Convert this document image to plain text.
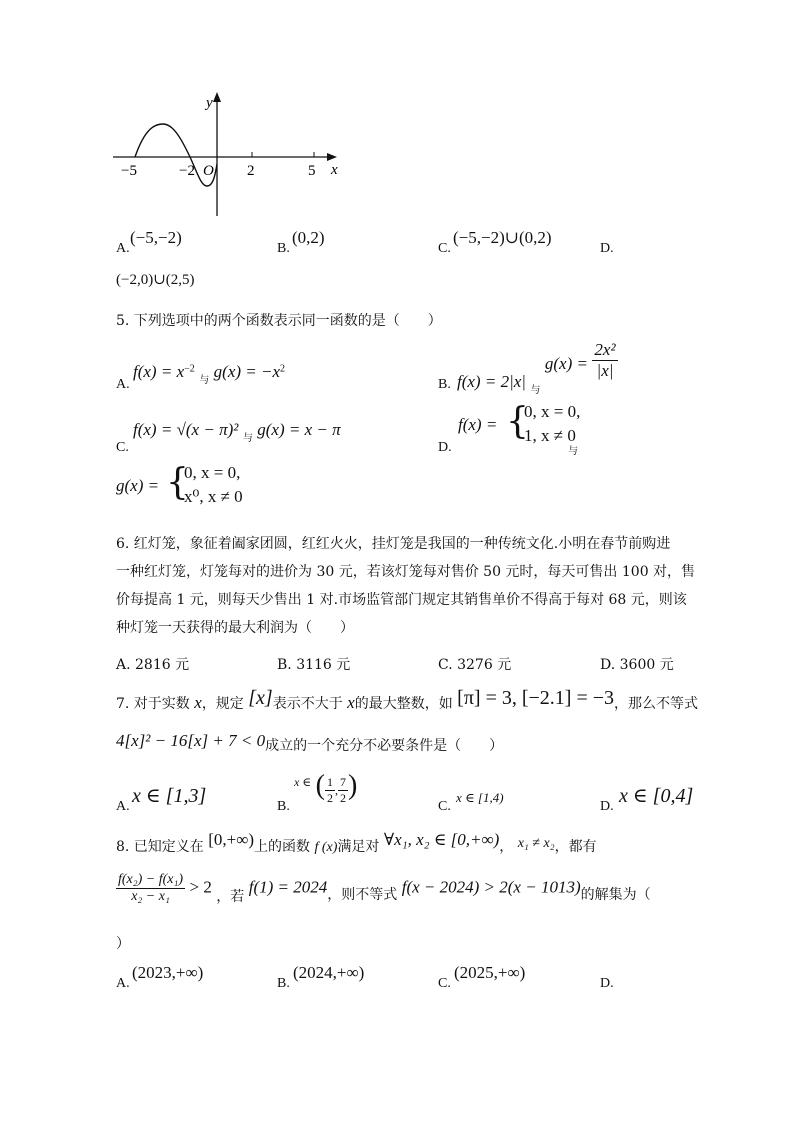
y
x
O
−5	−2	2	5
A.
(−5,−2)
B.
(0,2)
C.
(−5,−2)∪(0,2)
D.
(−2,0)∪(2,5)
5. 下列选项中的两个函数表示同一函数的是（　　）
A.
$f(x) = x^{-2}$ $_与$ $g(x) = -x^2$
B. f(x) = 2|x| $_与$ $g(x) = \frac{\text{2x²}}{|x|}$
C.
f(x) = √(x − π)² $_与$ g(x) = x − π
D.
f(x) = {
0, x = 0,
1, x ≠ 0
与
g(x) = {
0, x = 0,
x⁰, x ≠ 0
6. 红灯笼，象征着阖家团圆，红红火火，挂灯笼是我国的一种传统文化.小明在春节前购进
一种红灯笼，灯笼每对的进价为 30 元，若该灯笼每对售价 50 元时，每天可售出 100 对，售
价每提高 1 元，则每天少售出 1 对.市场监管部门规定其销售单价不得高于每对 68 元，则该
种灯笼一天获得的最大利润为（　　）
A. 2816 元	B. 3116 元	C. 3276 元	D. 3600 元
7. 对于实数 x，规定 [x]表示不大于 x的最大整数，如 [π] = 3, [−2.1] = −3，那么不等式
4[x]² − 16[x] + 7 < 0成立的一个充分不必要条件是（　　）
A. x ∈ [1,3]	B.
x ∈ ( $\frac{1}{2}$ , $\frac{7}{2}$ )
C.
x ∈ [1,4)
D. x ∈ [0,4]
8. 已知定义在 [0,+∞)上的函数 f (x)满足对 ∀x₁, x₂ ∈ [0,+∞)， x₁ ≠ x₂，都有
$\frac{\text{f(x₂) − f(x₁)}}{\text{x₂ − x₁}} > 2$ ，若 f(1) = 2024，则不等式 f(x − 2024) > 2(x − 1013)的解集为（
）
A.
(2023,+∞)
B.
(2024,+∞)
C.
(2025,+∞)
D.
